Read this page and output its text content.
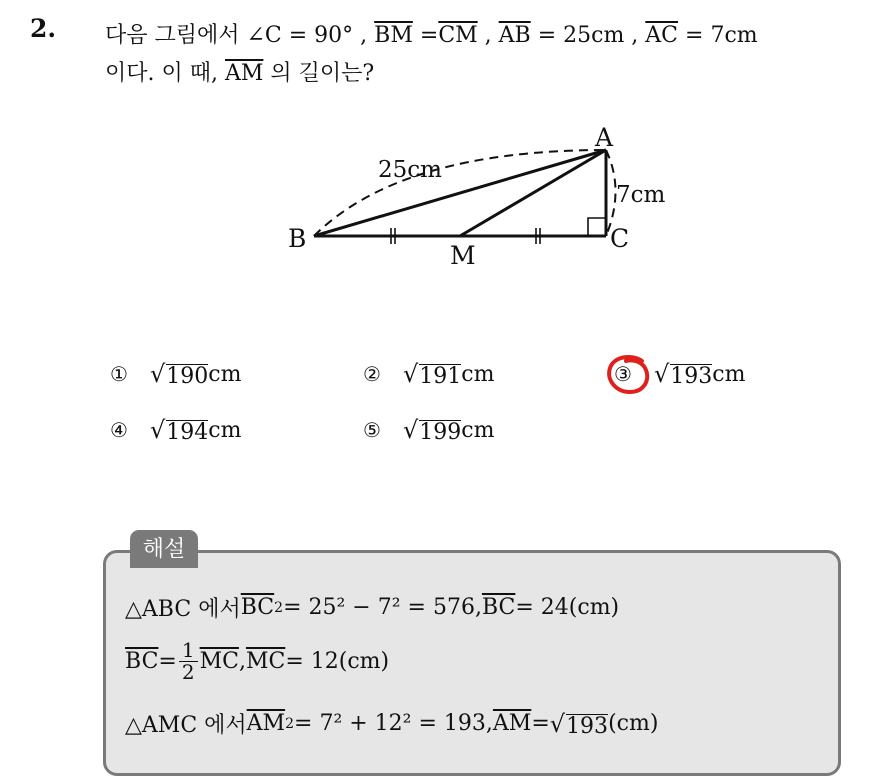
2. 다음 그림에서 ∠C = 90° , $\overline{BM} =\overline{CM}$ , $\overline{AB} = 25cm$ , $\overline{AC} = 7cm$
이다. 이 때, $\overline{AM}$ 의 길이는?
A
B	C
M
25cm
7cm
① √ 190 cm	② √ 191 cm	③ √ 193 cm
④ √ 194 cm	⑤ √ 199 cm
해설
△ABC 에서 $\overline{BC}$ 2 = 25² − 7² = 576, $\overline{BC} = 24(cm)$
$\overline{BC} = \frac{1}{2} \overline{MC}$ , $\overline{MC} = 12(cm)$
△AMC 에서 $\overline{AM}$ 2 = 7² + 12² = 193, $\overline{AM}$ = √ 193 (cm)
